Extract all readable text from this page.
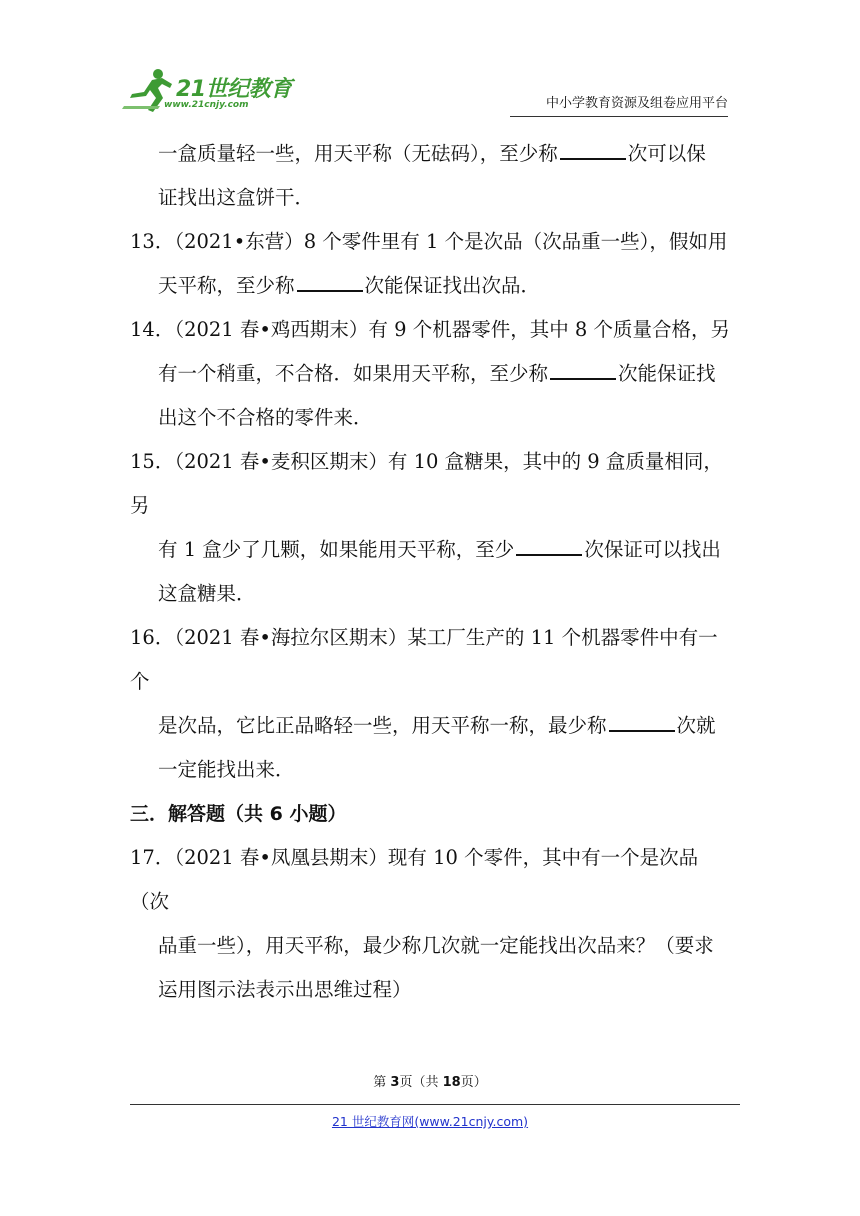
21世纪教育
www.21cnjy.com	中小学教育资源及组卷应用平台

一盒质量轻一些，用天平称（无砝码），至少称	次可以保

证找出这盒饼干．

13．（2021•东营）8 个零件里有 1 个是次品（次品重一些），假如用

天平称，至少称	次能保证找出次品．

14．（2021 春•鸡西期末）有 9 个机器零件，其中 8 个质量合格，另

有一个稍重，不合格．如果用天平称，至少称	次能保证找

出这个不合格的零件来．

15．（2021 春•麦积区期末）有 10 盒糖果，其中的 9 盒质量相同，另

有 1 盒少了几颗，如果能用天平称，至少	次保证可以找出

这盒糖果．

16．（2021 春•海拉尔区期末）某工厂生产的 11 个机器零件中有一个

是次品，它比正品略轻一些，用天平称一称，最少称	次就

一定能找出来．

三．解答题（共 6 小题）

17．（2021 春•凤凰县期末）现有 10 个零件，其中有一个是次品（次

品重一些），用天平称，最少称几次就一定能找出次品来？（要求

运用图示法表示出思维过程）

第 3页（共 18页）
21 世纪教育网(www.21cnjy.com)
